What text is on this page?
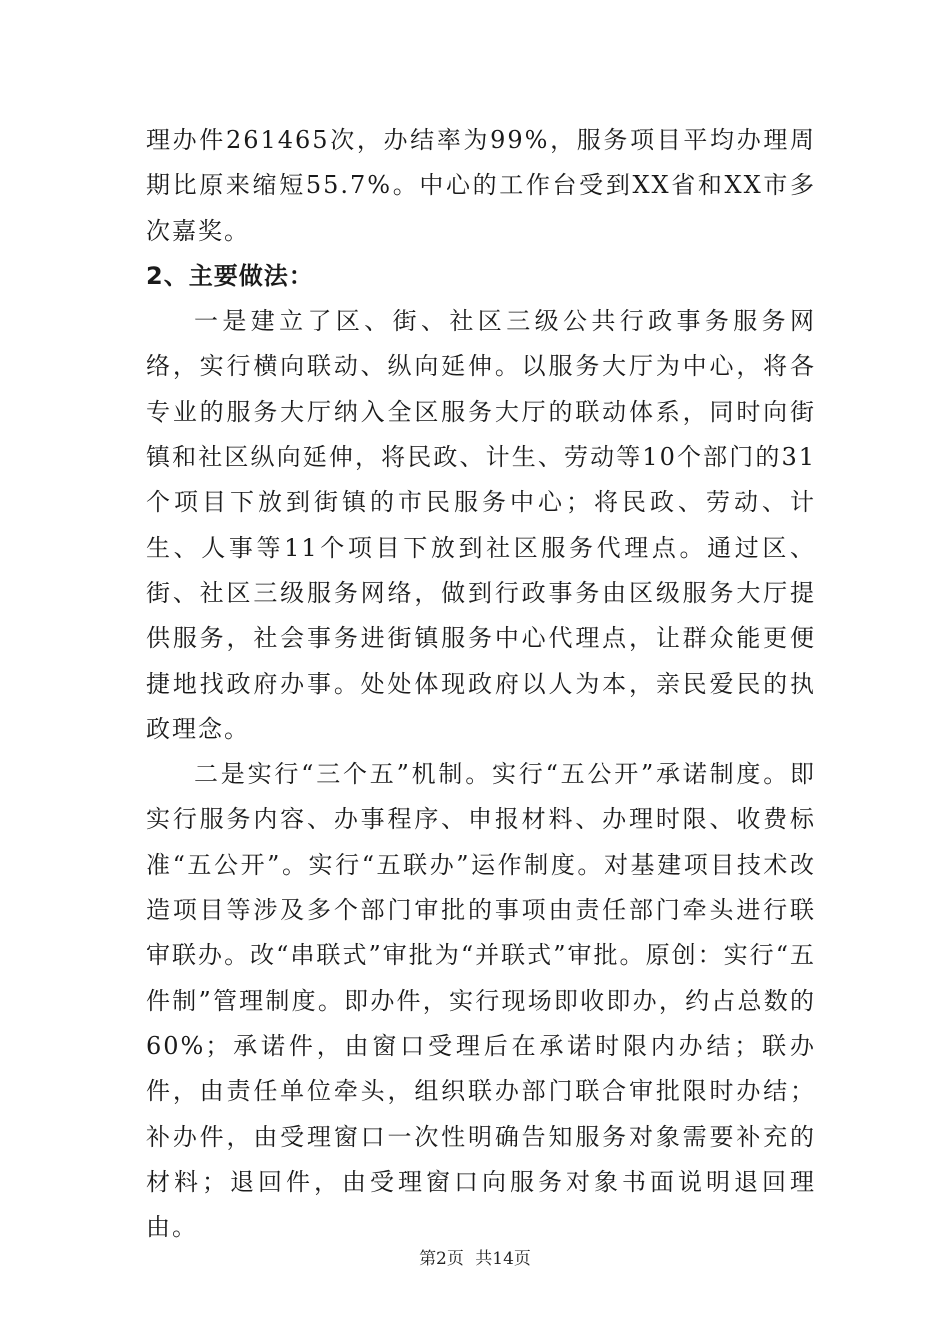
理办件261465次，办结率为99%，服务项目平均办理周期比原来缩短55.7%。中心的工作台受到XX省和XX市多次嘉奖。

2、主要做法：

一是建立了区、街、社区三级公共行政事务服务网络，实行横向联动、纵向延伸。以服务大厅为中心，将各专业的服务大厅纳入全区服务大厅的联动体系，同时向街镇和社区纵向延伸，将民政、计生、劳动等10个部门的31个项目下放到街镇的市民服务中心；将民政、劳动、计生、人事等11个项目下放到社区服务代理点。通过区、街、社区三级服务网络，做到行政事务由区级服务大厅提供服务，社会事务进街镇服务中心代理点，让群众能更便捷地找政府办事。处处体现政府以人为本，亲民爱民的执政理念。

二是实行“三个五”机制。实行“五公开”承诺制度。即实行服务内容、办事程序、申报材料、办理时限、收费标准“五公开”。实行“五联办”运作制度。对基建项目技术改造项目等涉及多个部门审批的事项由责任部门牵头进行联审联办。改“串联式”审批为“并联式”审批。原创：实行“五件制”管理制度。即办件，实行现场即收即办，约占总数的60%；承诺件，由窗口受理后在承诺时限内办结；联办件，由责任单位牵头，组织联办部门联合审批限时办结；补办件，由受理窗口一次性明确告知服务对象需要补充的材料；退回件，由受理窗口向服务对象书面说明退回理由。

第2页 共14页
